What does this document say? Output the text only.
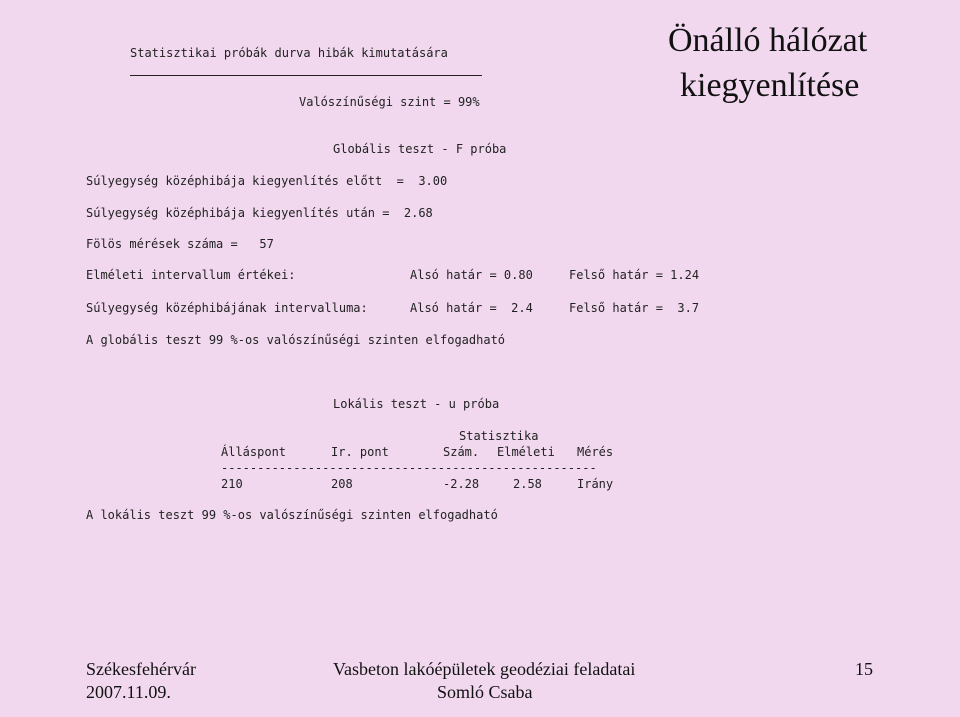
Statisztikai próbák durva hibák kimutatására
Valószínűségi szint = 99%
Önálló hálózat
kiegyenlítése
Globális teszt - F próba
Súlyegység középhibája kiegyenlítés előtt  =  3.00
Súlyegység középhibája kiegyenlítés után =  2.68
Fölös mérések száma =   57
Elméleti intervallum értékei:	Alsó határ = 0.80	Felső határ = 1.24
Súlyegység középhibájának intervalluma:	Alsó határ =  2.4	Felső határ =  3.7
A globális teszt 99 %-os valószínűségi szinten elfogadható
Lokális teszt - u próba
Statisztika
Álláspont	Ir. pont	Szám. Elméleti Mérés
----------------------------------------------------
210	208	-2.28	2.58	Irány
A lokális teszt 99 %-os valószínűségi szinten elfogadható
Székesfehérvár
2007.11.09.
Vasbeton lakóépületek geodéziai feladatai
Somló Csaba
15
